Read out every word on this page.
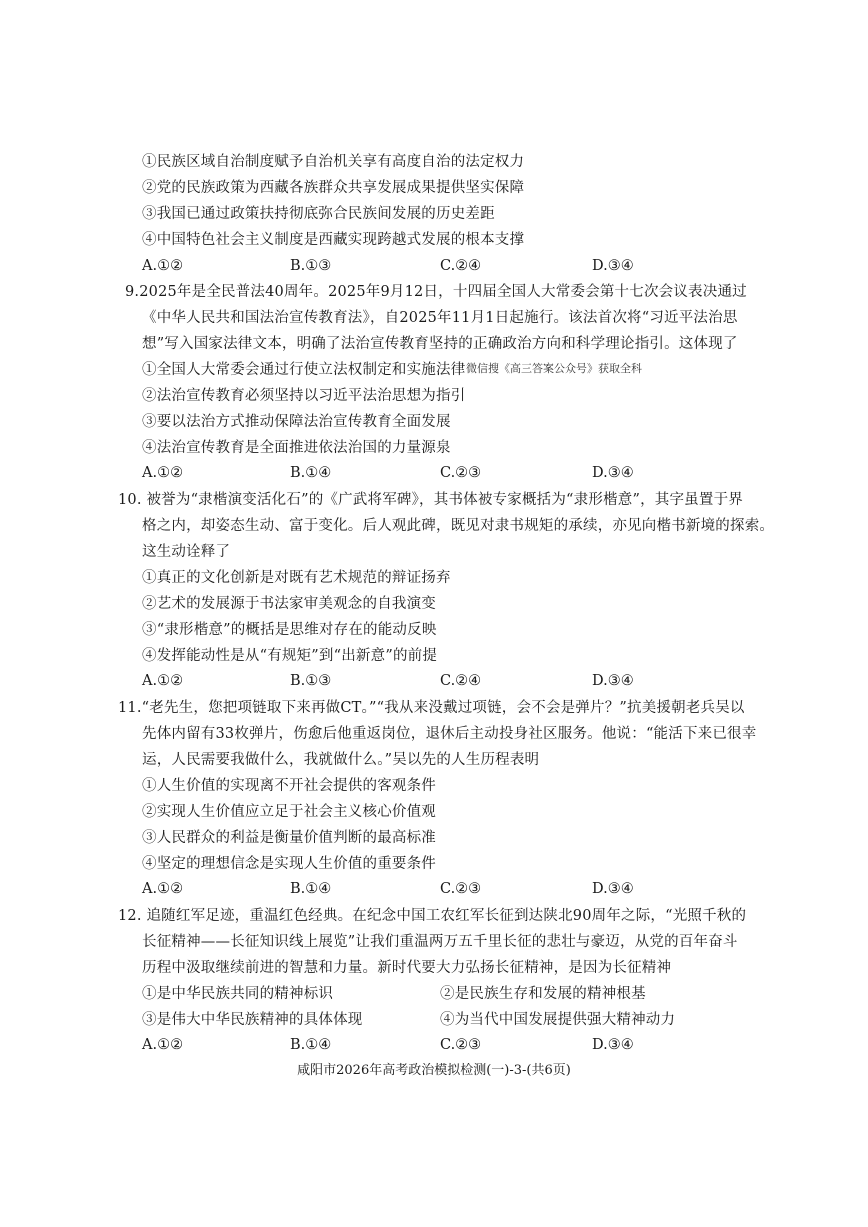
①民族区域自治制度赋予自治机关享有高度自治的法定权力
②党的民族政策为西藏各族群众共享发展成果提供坚实保障
③我国已通过政策扶持彻底弥合民族间发展的历史差距
④中国特色社会主义制度是西藏实现跨越式发展的根本支撑
A.①②	B.①③	C.②④	D.③④
9.2025年是全民普法40周年。2025年9月12日，十四届全国人大常委会第十七次会议表决通过
《中华人民共和国法治宣传教育法》，自2025年11月1日起施行。该法首次将“习近平法治思
想”写入国家法律文本，明确了法治宣传教育坚持的正确政治方向和科学理论指引。这体现了
①全国人大常委会通过行使立法权制定和实施法律 微信搜《高三答案公众号》获取全科
②法治宣传教育必须坚持以习近平法治思想为指引
③要以法治方式推动保障法治宣传教育全面发展
④法治宣传教育是全面推进依法治国的力量源泉
A.①②	B.①④	C.②③	D.③④
10. 被誉为“隶楷演变活化石”的《广武将军碑》，其书体被专家概括为“隶形楷意”，其字虽置于界
格之内，却姿态生动、富于变化。后人观此碑，既见对隶书规矩的承续，亦见向楷书新境的探索。
这生动诠释了
①真正的文化创新是对既有艺术规范的辩证扬弃
②艺术的发展源于书法家审美观念的自我演变
③“隶形楷意”的概括是思维对存在的能动反映
④发挥能动性是从“有规矩”到“出新意”的前提
A.①②	B.①③	C.②④	D.③④
11.“老先生，您把项链取下来再做CT。”“我从来没戴过项链，会不会是弹片？”抗美援朝老兵吴以
先体内留有33枚弹片，伤愈后他重返岗位，退休后主动投身社区服务。他说：“能活下来已很幸
运，人民需要我做什么，我就做什么。”吴以先的人生历程表明
①人生价值的实现离不开社会提供的客观条件
②实现人生价值应立足于社会主义核心价值观
③人民群众的利益是衡量价值判断的最高标准
④坚定的理想信念是实现人生价值的重要条件
A.①②	B.①④	C.②③	D.③④
12. 追随红军足迹，重温红色经典。在纪念中国工农红军长征到达陕北90周年之际，“光照千秋的
长征精神——长征知识线上展览”让我们重温两万五千里长征的悲壮与豪迈，从党的百年奋斗
历程中汲取继续前进的智慧和力量。新时代要大力弘扬长征精神，是因为长征精神
①是中华民族共同的精神标识	②是民族生存和发展的精神根基
③是伟大中华民族精神的具体体现	④为当代中国发展提供强大精神动力
A.①②	B.①④	C.②③	D.③④
咸阳市2026年高考政治模拟检测(一)-3-(共6页)
